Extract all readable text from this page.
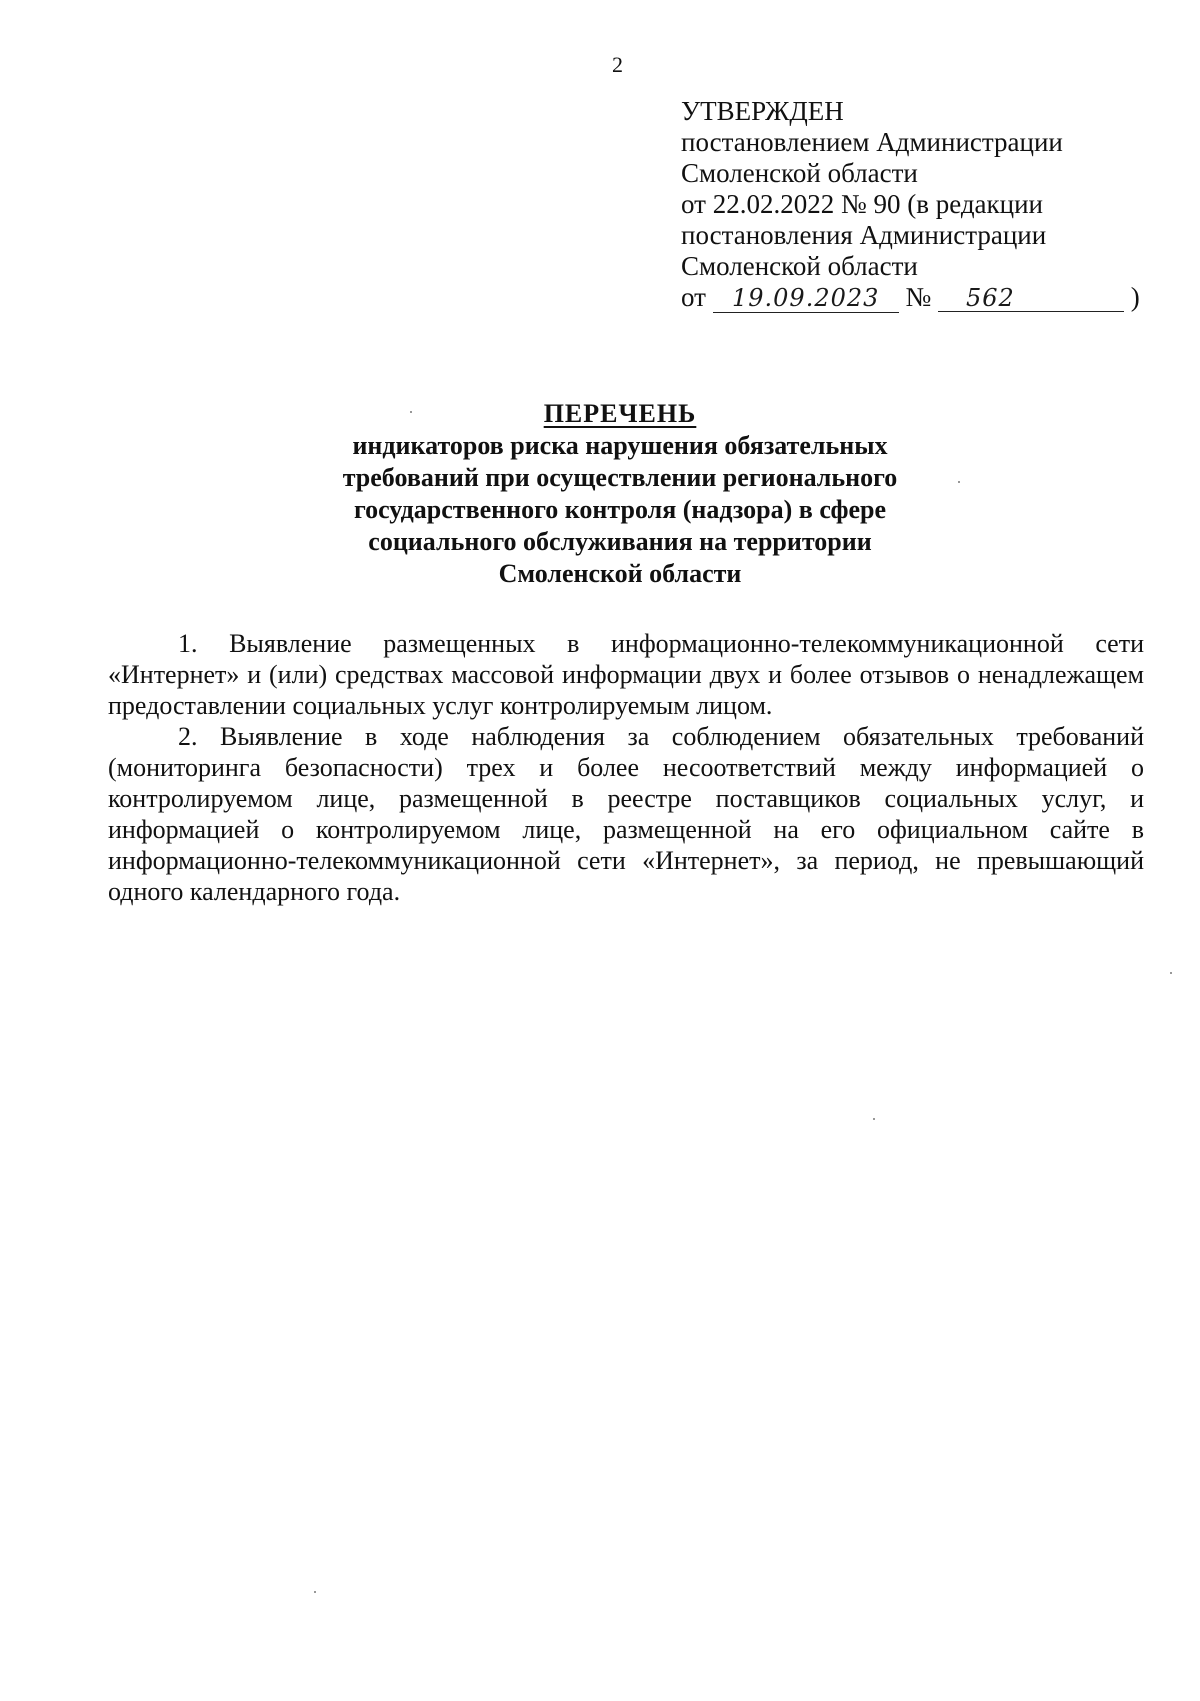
2
УТВЕРЖДЕН
постановлением Администрации
Смоленской области
от 22.02.2022 № 90 (в редакции
постановления Администрации
Смоленской области
от 19.09.2023 № 562	)
ПЕРЕЧЕНЬ
индикаторов риска нарушения обязательных
требований при осуществлении регионального
государственного контроля (надзора) в сфере
социального обслуживания на территории
Смоленской области

1. Выявление размещенных в информационно-телекоммуникационной сети «Интернет» и (или) средствах массовой информации двух и более отзывов о ненадлежащем предоставлении социальных услуг контролируемым лицом.

2. Выявление в ходе наблюдения за соблюдением обязательных требований (мониторинга безопасности) трех и более несоответствий между информацией о контролируемом лице, размещенной в реестре поставщиков социальных услуг, и информацией о контролируемом лице, размещенной на его официальном сайте в информационно-телекоммуникационной сети «Интернет», за период, не превышающий одного календарного года.
